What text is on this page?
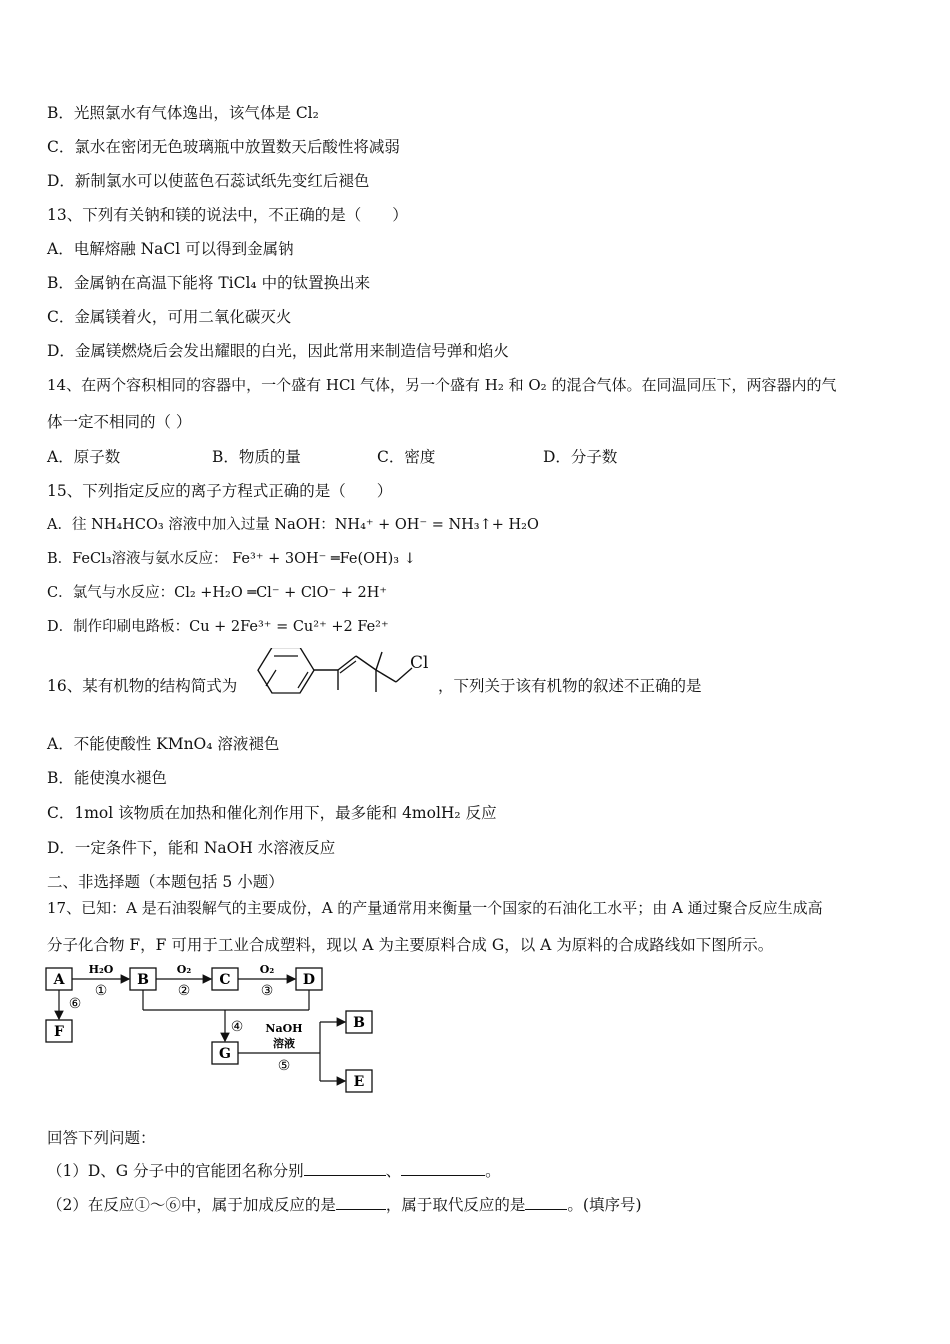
B．光照氯水有气体逸出，该气体是 Cl₂
C．氯水在密闭无色玻璃瓶中放置数天后酸性将减弱
D．新制氯水可以使蓝色石蕊试纸先变红后褪色
13、下列有关钠和镁的说法中，不正确的是（　　）
A．电解熔融 NaCl 可以得到金属钠
B．金属钠在高温下能将 TiCl₄ 中的钛置换出来
C．金属镁着火，可用二氧化碳灭火
D．金属镁燃烧后会发出耀眼的白光，因此常用来制造信号弹和焰火
14、在两个容积相同的容器中，一个盛有 HCl 气体，另一个盛有 H₂ 和 O₂ 的混合气体。在同温同压下，两容器内的气
体一定不相同的（ ）
A．原子数	B．物质的量	C．密度	D．分子数
15、下列指定反应的离子方程式正确的是（　　）
A．往 NH₄HCO₃ 溶液中加入过量 NaOH：NH₄⁺ + OH⁻ = NH₃↑+ H₂O
B．FeCl₃溶液与氨水反应： Fe³⁺ + 3OH⁻ ═Fe(OH)₃ ↓
C．氯气与水反应：Cl₂ +H₂O ═Cl⁻ + ClO⁻ + 2H⁺
D．制作印刷电路板：Cu + 2Fe³⁺ = Cu²⁺ +2 Fe²⁺
16、某有机物的结构简式为
Cl
，下列关于该有机物的叙述不正确的是
A．不能使酸性 KMnO₄ 溶液褪色
B．能使溴水褪色
C．1mol 该物质在加热和催化剂作用下，最多能和 4molH₂ 反应
D．一定条件下，能和 NaOH 水溶液反应
二、非选择题（本题包括 5 小题）
17、已知：A 是石油裂解气的主要成份，A 的产量通常用来衡量一个国家的石油化工水平；由 A 通过聚合反应生成高
分子化合物 F，F 可用于工业合成塑料，现以 A 为主要原料合成 G，以 A 为原料的合成路线如下图所示。
A	B	C	D
F
G
B
E
H₂O
①
O₂
②
O₂
③
④
⑥
NaOH
溶液
⑤
回答下列问题：
（1）D、G 分子中的官能团名称分别	、	。
（2）在反应①～⑥中，属于加成反应的是	，属于取代反应的是	。(填序号)
